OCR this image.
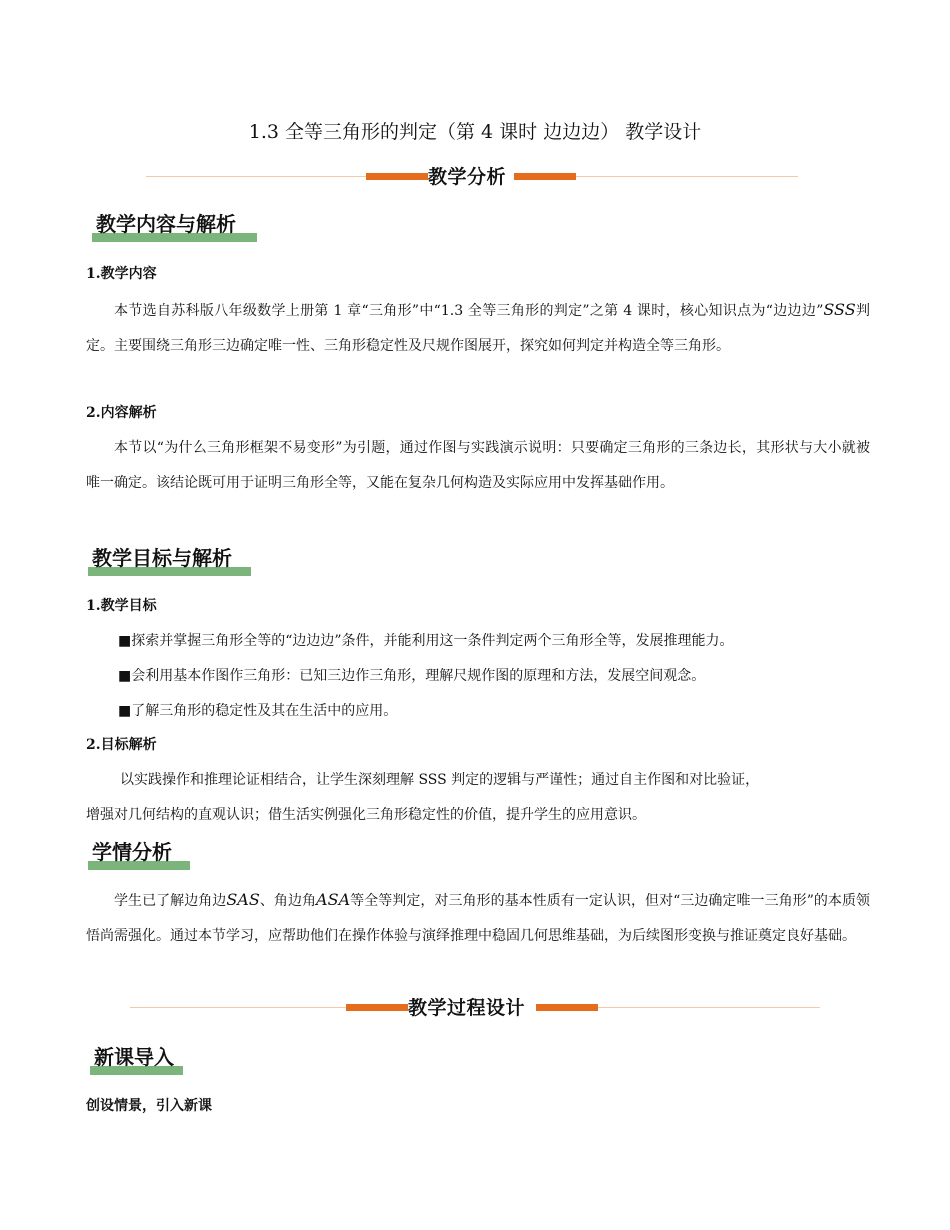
1.3 全等三角形的判定（第 4 课时 边边边） 教学设计
教学分析
教学内容与解析
1.教学内容
本节选自苏科版八年级数学上册第 1 章“三角形”中“1.3 全等三角形的判定”之第 4 课时，核心知识点为“边边边”SSS判定。主要围绕三角形三边确定唯一性、三角形稳定性及尺规作图展开，探究如何判定并构造全等三角形。
2.内容解析
本节以“为什么三角形框架不易变形”为引题，通过作图与实践演示说明：只要确定三角形的三条边长，其形状与大小就被唯一确定。该结论既可用于证明三角形全等，又能在复杂几何构造及实际应用中发挥基础作用。
教学目标与解析
1.教学目标
■探索并掌握三角形全等的“边边边”条件，并能利用这一条件判定两个三角形全等，发展推理能力。
■会利用基本作图作三角形：已知三边作三角形，理解尺规作图的原理和方法，发展空间观念。
■了解三角形的稳定性及其在生活中的应用。
2.目标解析
以实践操作和推理论证相结合，让学生深刻理解 SSS 判定的逻辑与严谨性；通过自主作图和对比验证，
增强对几何结构的直观认识；借生活实例强化三角形稳定性的价值，提升学生的应用意识。
学情分析
学生已了解边角边SAS、角边角ASA等全等判定，对三角形的基本性质有一定认识，但对“三边确定唯一三角形”的本质领悟尚需强化。通过本节学习，应帮助他们在操作体验与演绎推理中稳固几何思维基础，为后续图形变换与推证奠定良好基础。
教学过程设计
新课导入
创设情景，引入新课
